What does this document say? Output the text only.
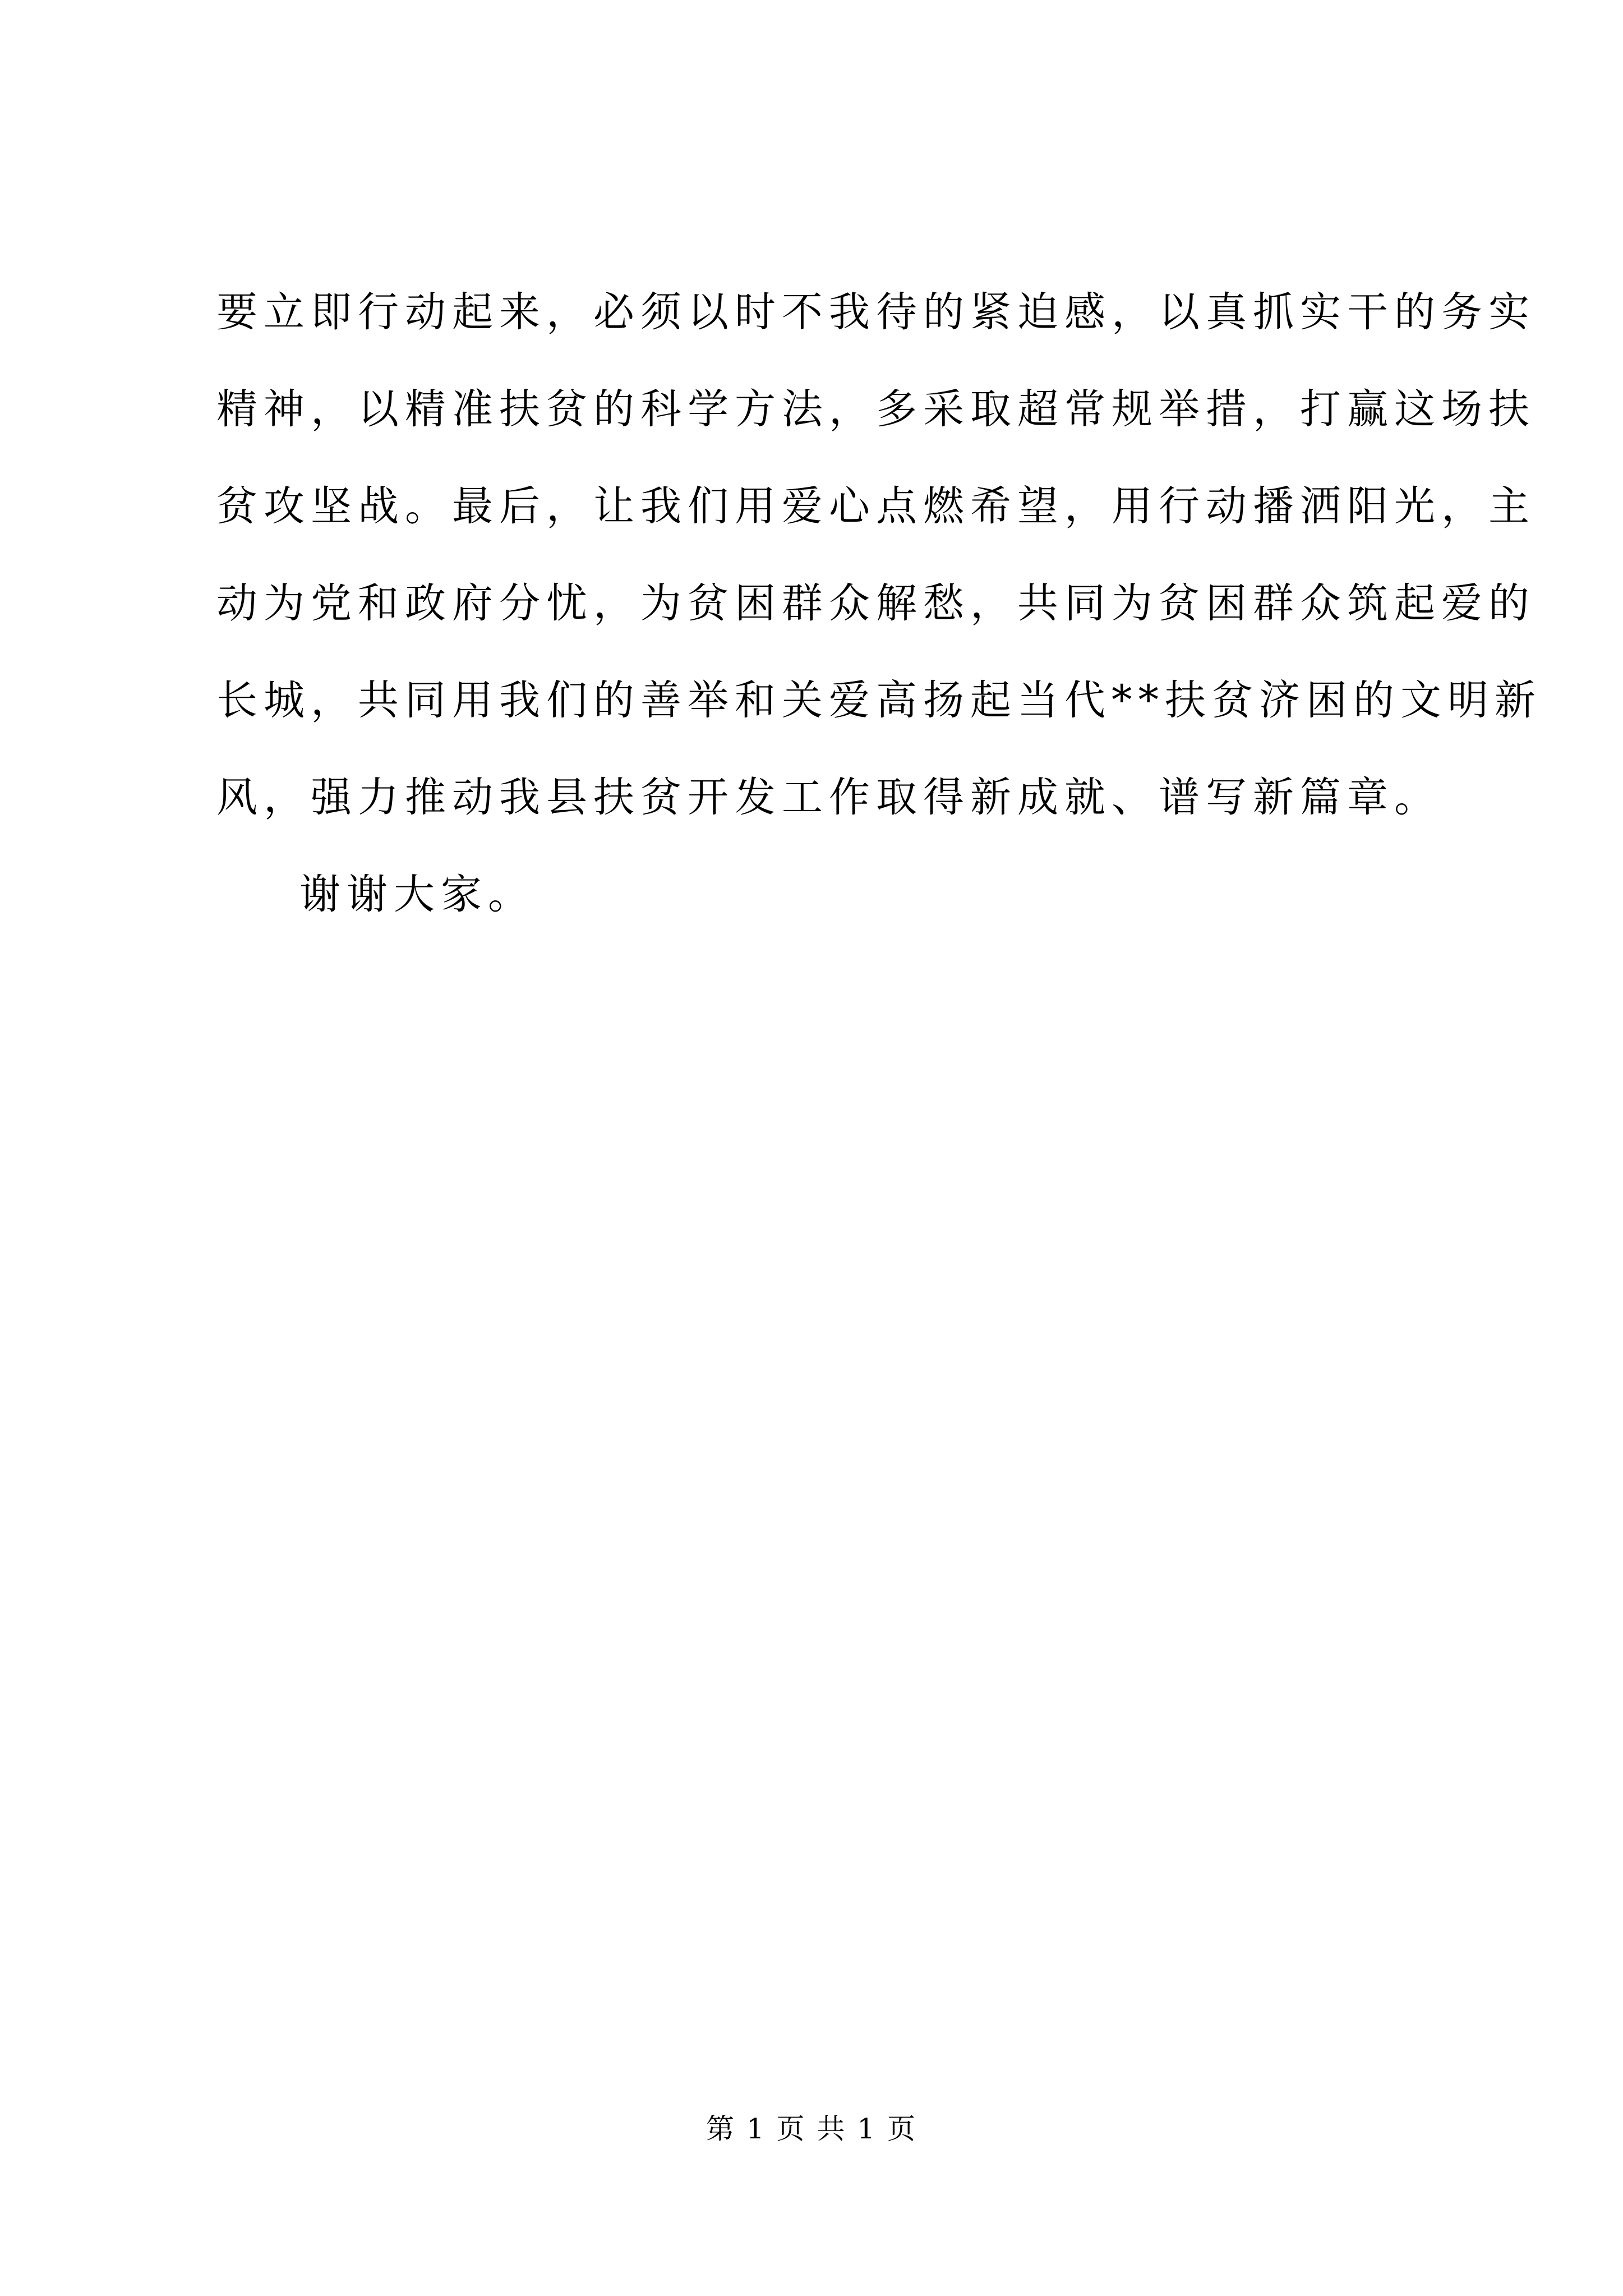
要立即行动起来，必须以时不我待的紧迫感，以真抓实干的务实
精神，以精准扶贫的科学方法，多采取超常规举措，打赢这场扶
贫攻坚战。最后，让我们用爱心点燃希望，用行动播洒阳光，主
动为党和政府分忧，为贫困群众解愁，共同为贫困群众筑起爱的
长城，共同用我们的善举和关爱高扬起当代**扶贫济困的文明新
风，强力推动我县扶贫开发工作取得新成就、谱写新篇章。
谢谢大家。
第 1 页 共 1 页
